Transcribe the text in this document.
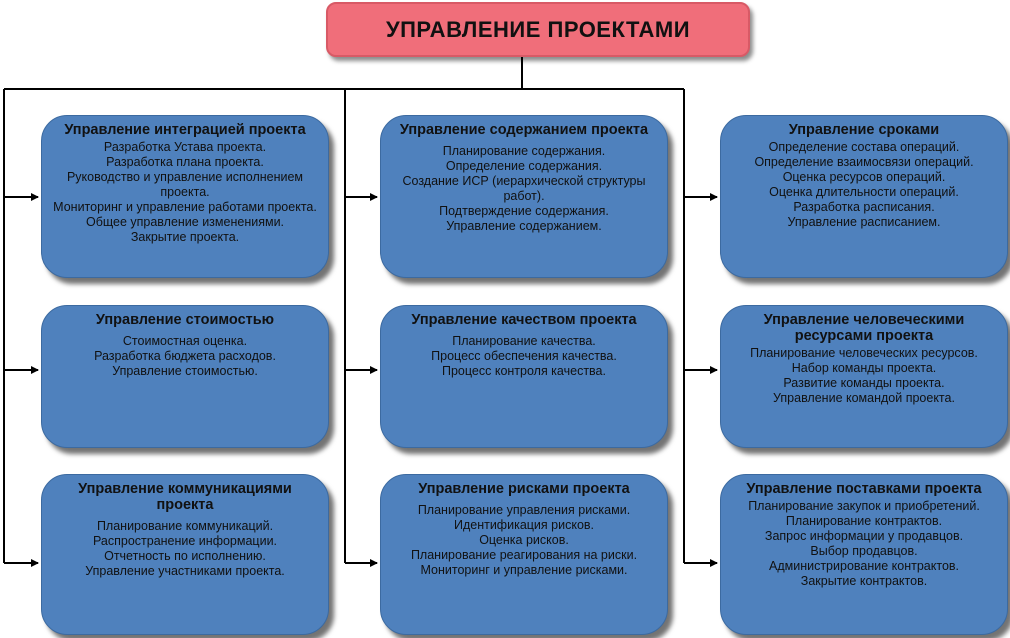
УПРАВЛЕНИЕ ПРОЕКТАМИ
Управление интеграцией проекта
Разработка Устава проекта.
Разработка плана проекта.
Руководство и управление исполнением проекта.
Мониторинг и управление работами проекта.
Общее управление изменениями.
Закрытие проекта.
Управление стоимостью
Стоимостная оценка.
Разработка бюджета расходов.
Управление стоимостью.
Управление коммуникациями проекта
Планирование коммуникаций.
Распространение информации.
Отчетность по исполнению.
Управление участниками проекта.
Управление содержанием проекта
Планирование содержания.
Определение содержания.
Создание ИСР (иерархической структуры работ).
Подтверждение содержания.
Управление содержанием.
Управление качеством проекта
Планирование качества.
Процесс обеспечения качества.
Процесс контроля качества.
Управление рисками проекта
Планирование управления рисками.
Идентификация рисков.
Оценка рисков.
Планирование реагирования на риски.
Мониторинг и управление рисками.
Управление сроками
Определение состава операций.
Определение взаимосвязи операций.
Оценка ресурсов операций.
Оценка длительности операций.
Разработка расписания.
Управление расписанием.
Управление человеческими ресурсами проекта
Планирование человеческих ресурсов.
Набор команды проекта.
Развитие команды проекта.
Управление командой проекта.
Управление поставками проекта
Планирование закупок и приобретений.
Планирование контрактов.
Запрос информации у продавцов.
Выбор продавцов.
Администрирование контрактов.
Закрытие контрактов.
